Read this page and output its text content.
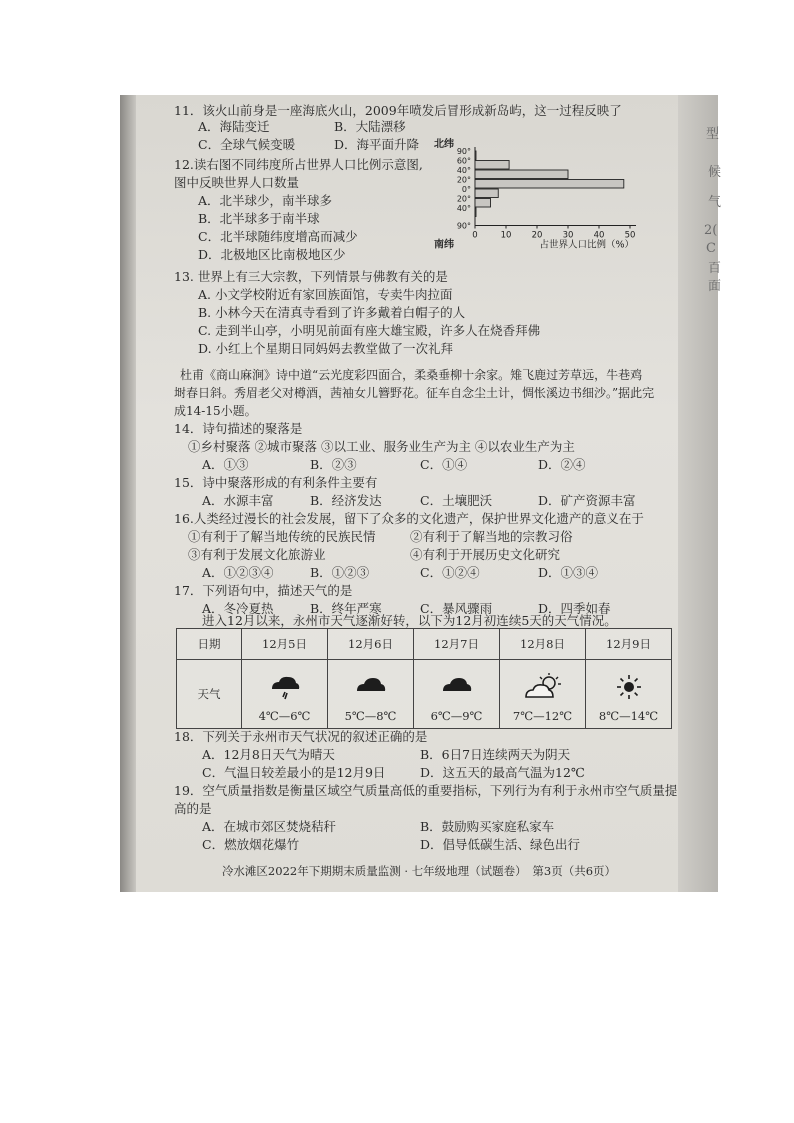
型
候
气
2(
C
百
面
11．该火山前身是一座海底火山，2009年喷发后冒形成新岛屿，这一过程反映了
A．海陆变迁	B．大陆漂移
C．全球气候变暖	D．海平面升降
12.读右图不同纬度所占世界人口比例示意图,
图中反映世界人口数量
A．北半球少，南半球多
B．北半球多于南半球
C．北半球随纬度增高而减少
D．北极地区比南极地区少
北纬
南纬
90°
60°
40°
20°
0°
20°
40°
90°
0	10 20 30 40 50
占世界人口比例（%）
13. 世界上有三大宗教，下列情景与佛教有关的是
A. 小文学校附近有家回族面馆，专卖牛肉拉面
B. 小林今天在清真寺看到了许多戴着白帽子的人
C. 走到半山亭，小明见前面有座大雄宝殿，许多人在烧香拜佛
D. 小红上个星期日同妈妈去教堂做了一次礼拜
杜甫《商山麻涧》诗中道“云光度彩四面合，柔桑垂柳十余家。雉飞鹿过芳草远，牛巷鸡
埘春日斜。秀眉老父对樽酒，茜袖女儿簪野花。征车自念尘土计，惆怅溪边书细沙。”据此完
成14-15小题。
14．诗句描述的聚落是
①乡村聚落 ②城市聚落 ③以工业、服务业生产为主 ④以农业生产为主
A．①③	B．②③	C．①④	D．②④
15．诗中聚落形成的有利条件主要有
A．水源丰富	B．经济发达	C．土壤肥沃	D．矿产资源丰富
16.人类经过漫长的社会发展，留下了众多的文化遗产，保护世界文化遗产的意义在于
①有利于了解当地传统的民族民情	②有利于了解当地的宗教习俗
③有利于发展文化旅游业	④有利于开展历史文化研究
A．①②③④	B．①②③	C．①②④	D．①③④
17．下列语句中，描述天气的是
A．冬冷夏热	B．终年严寒	C．暴风骤雨	D．四季如春
进入12月以来，永州市天气逐渐好转，以下为12月初连续5天的天气情况。
日期	12月5日	12月6日	12月7日	12月8日	12月9日
天气	4℃—6℃	5℃—8℃	6℃—9℃	7℃—12℃	8℃—14℃
18．下列关于永州市天气状况的叙述正确的是
A．12月8日天气为晴天	B．6日7日连续两天为阴天
C．气温日较差最小的是12月9日	D．这五天的最高气温为12℃
19．空气质量指数是衡量区域空气质量高低的重要指标，下列行为有利于永州市空气质量提
高的是
A．在城市郊区焚烧秸秆	B．鼓励购买家庭私家车
C．燃放烟花爆竹	D．倡导低碳生活、绿色出行
冷水滩区2022年下期期末质量监测 · 七年级地理（试题卷）　第3页（共6页）
